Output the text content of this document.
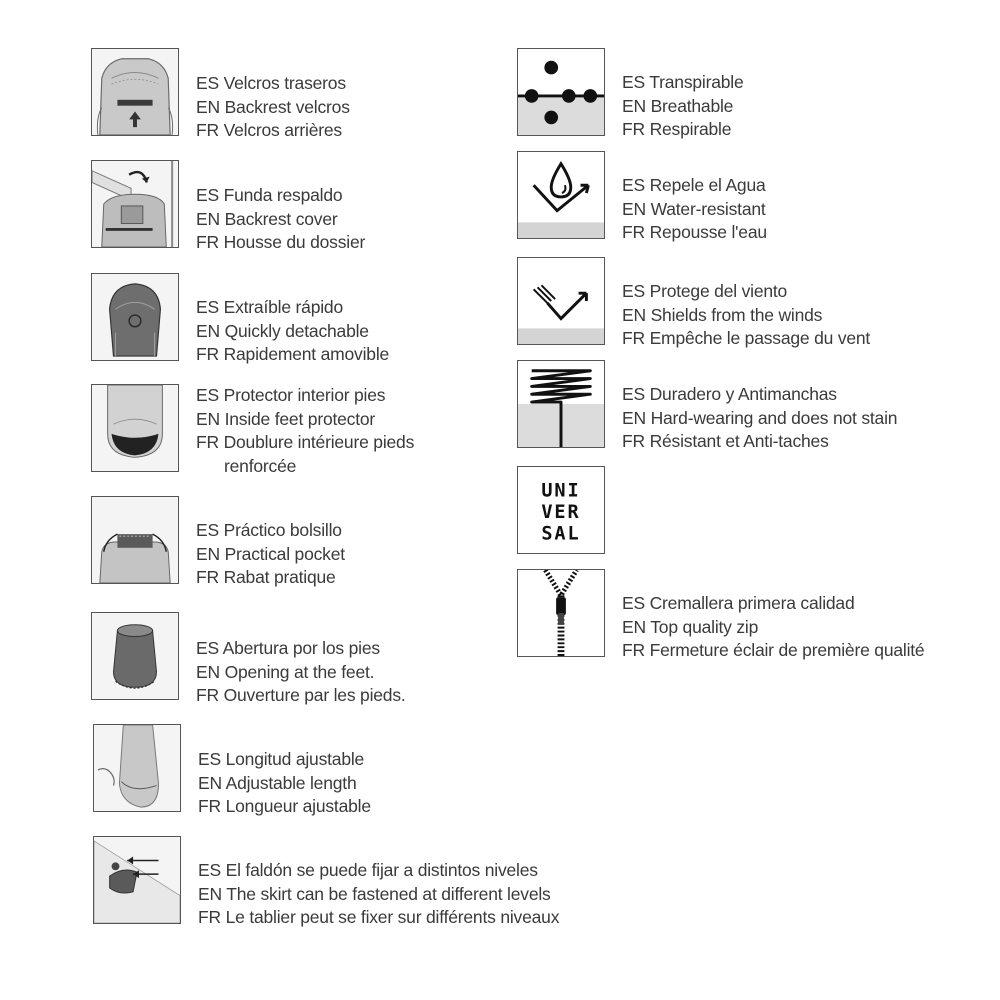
ES Velcros traseros
EN Backrest velcros
FR Velcros arrières
ES Funda respaldo
EN Backrest cover
FR Housse du dossier
ES Extraíble rápido
EN Quickly detachable
FR Rapidement amovible
ES Protector interior pies
EN Inside feet protector
FR Doublure intérieure pieds
renforcée
ES Práctico bolsillo
EN Practical pocket
FR Rabat pratique
ES Abertura por los pies
EN Opening at the feet.
FR Ouverture par les pieds.
ES Longitud ajustable
EN Adjustable length
FR Longueur ajustable
ES El faldón se puede fijar a distintos niveles
EN The skirt can be fastened at different levels
FR Le tablier peut se fixer sur différents niveaux
ES Transpirable
EN Breathable
FR Respirable
ES Repele el Agua
EN Water-resistant
FR Repousse l'eau
ES Protege del viento
EN Shields from the winds
FR Empêche le passage du vent
ES Duradero y Antimanchas
EN Hard-wearing and does not stain
FR Résistant et Anti-taches
UNI
VER
SAL
ES Cremallera primera calidad
EN Top quality zip
FR Fermeture éclair de première qualité
